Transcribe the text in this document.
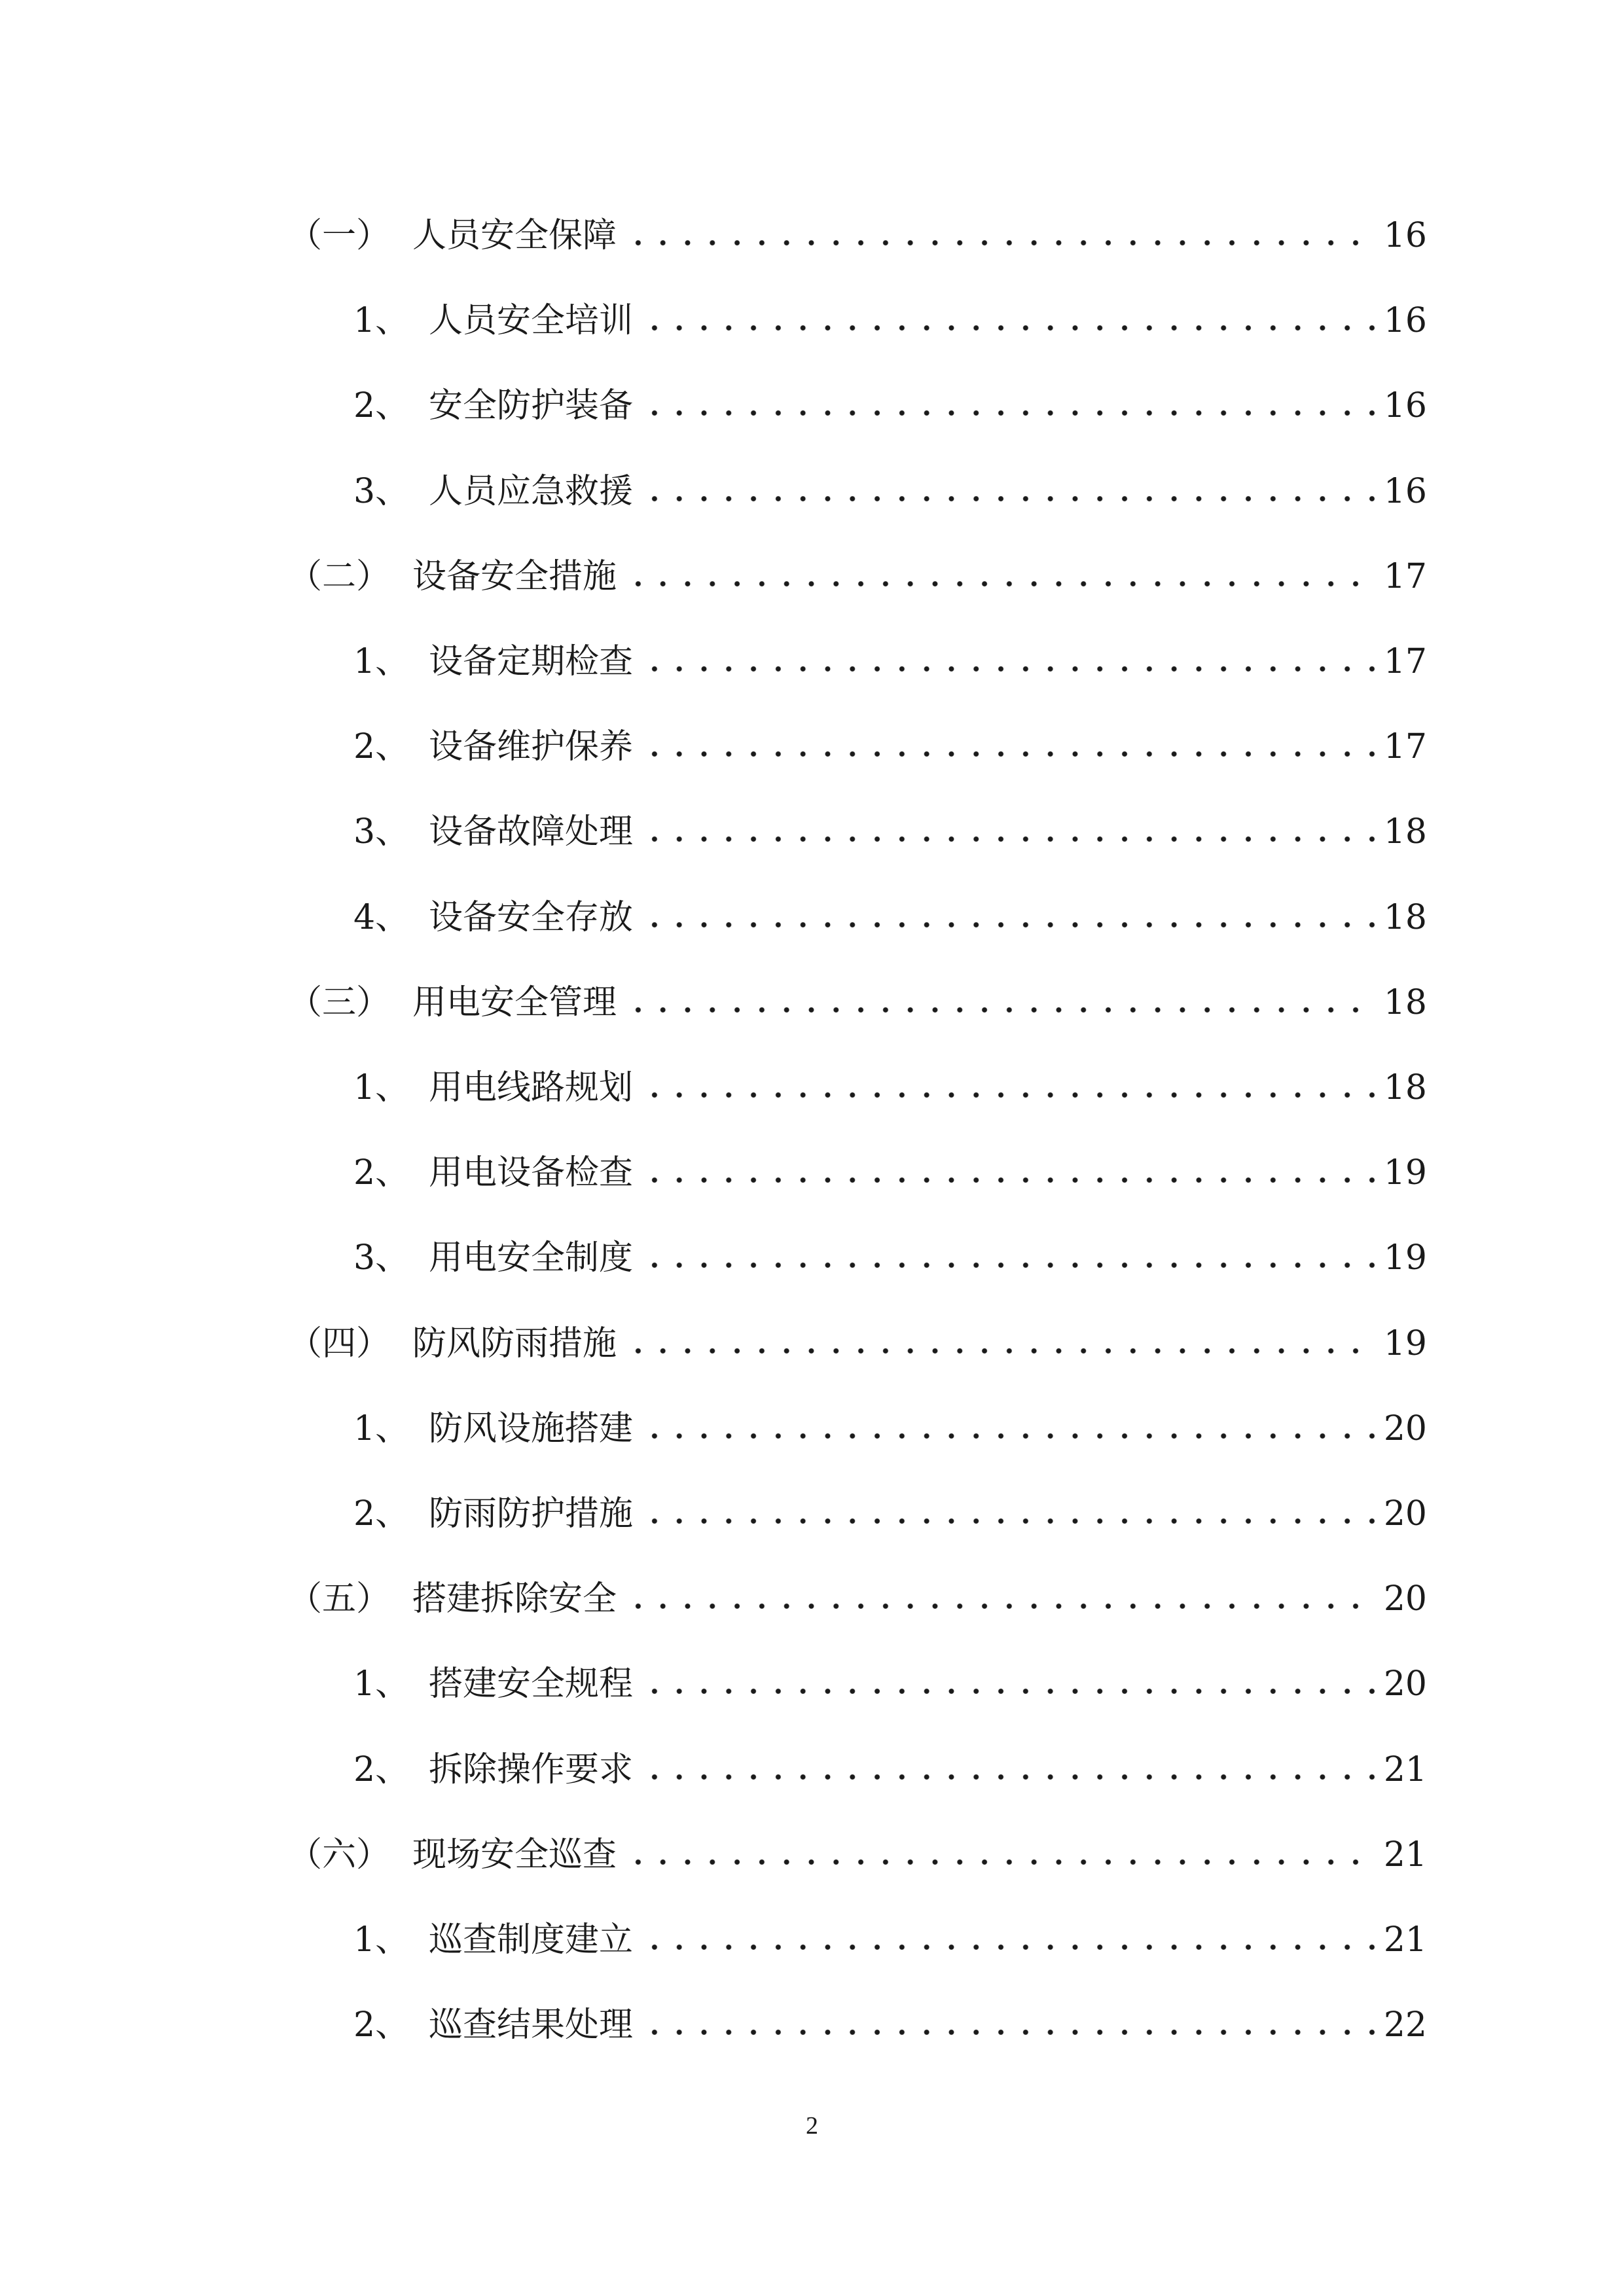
（一） 人员安全保障	16
1、 人员安全培训	16
2、 安全防护装备	16
3、 人员应急救援	16
（二） 设备安全措施	17
1、 设备定期检查	17
2、 设备维护保养	17
3、 设备故障处理	18
4、 设备安全存放	18
（三） 用电安全管理	18
1、 用电线路规划	18
2、 用电设备检查	19
3、 用电安全制度	19
（四） 防风防雨措施	19
1、 防风设施搭建	20
2、 防雨防护措施	20
（五） 搭建拆除安全	20
1、 搭建安全规程	20
2、 拆除操作要求	21
（六） 现场安全巡查	21
1、 巡查制度建立	21
2、 巡查结果处理	22
2
